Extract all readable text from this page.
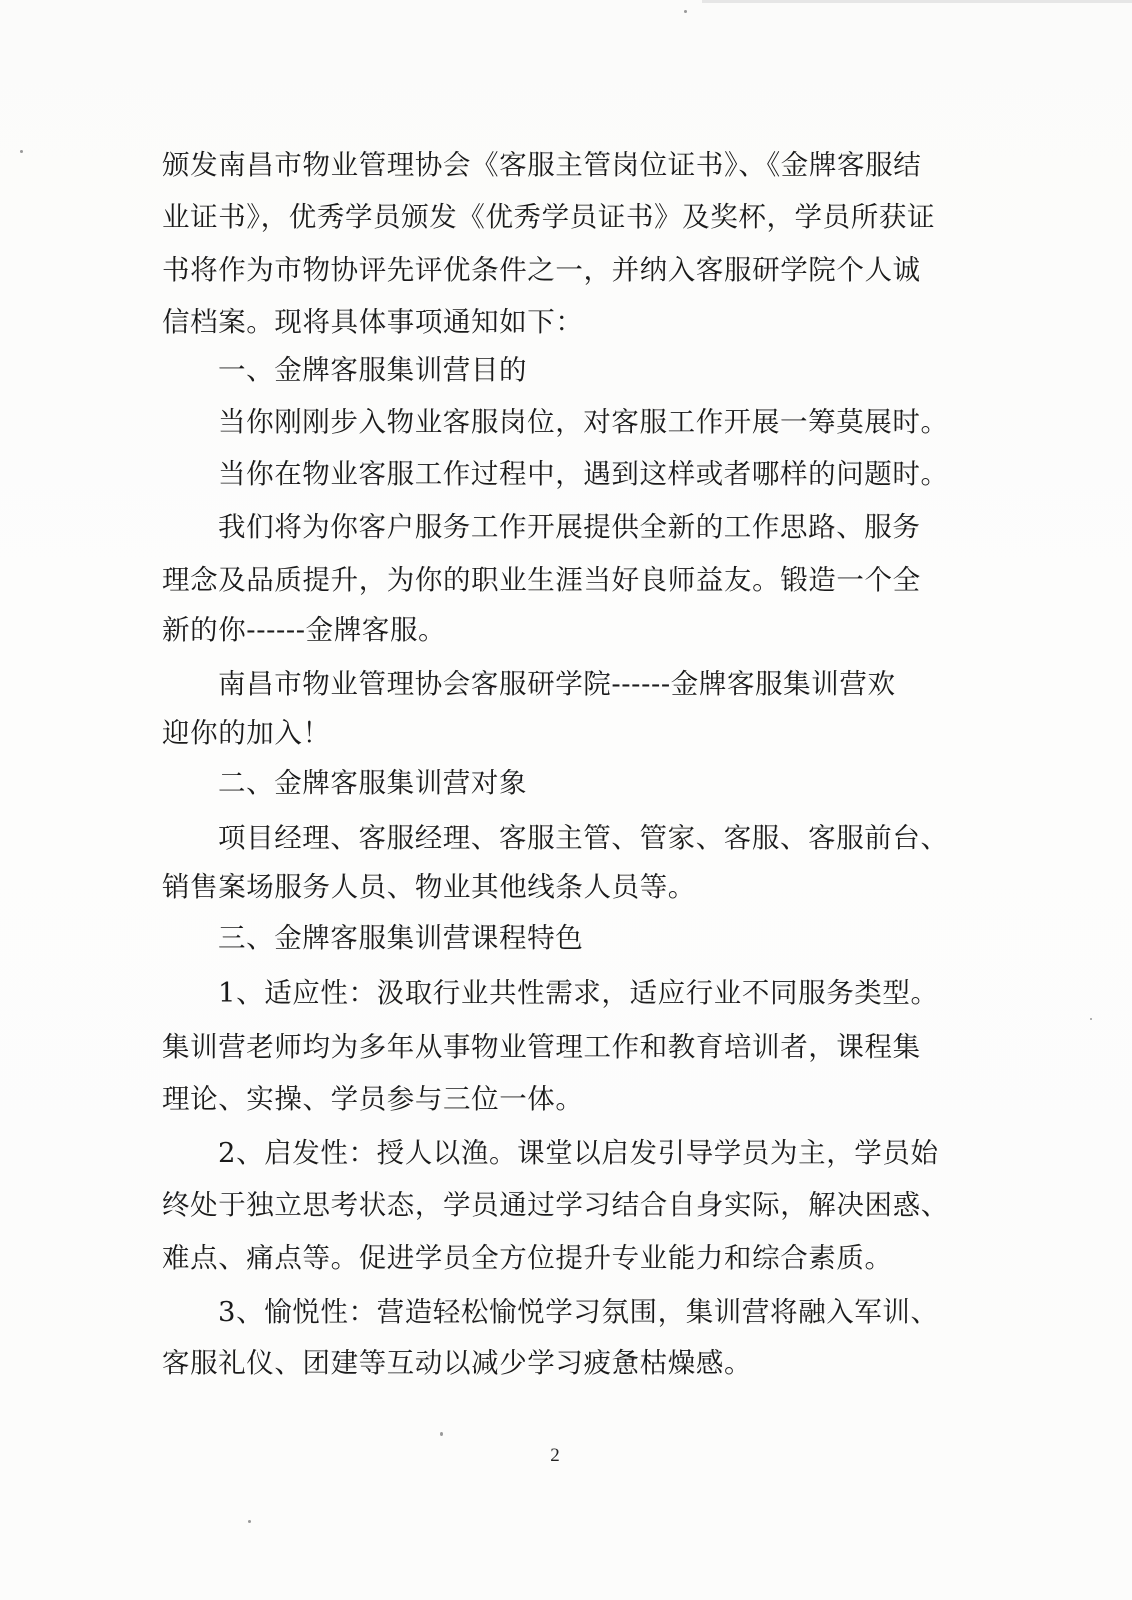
颁发南昌市物业管理协会《客服主管岗位证书》、《金牌客服结
业证书》，优秀学员颁发《优秀学员证书》及奖杯，学员所获证
书将作为市物协评先评优条件之一，并纳入客服研学院个人诚
信档案。现将具体事项通知如下：
一、金牌客服集训营目的
当你刚刚步入物业客服岗位，对客服工作开展一筹莫展时。
当你在物业客服工作过程中，遇到这样或者哪样的问题时。
我们将为你客户服务工作开展提供全新的工作思路、服务
理念及品质提升，为你的职业生涯当好良师益友。锻造一个全
新的你------金牌客服。
南昌市物业管理协会客服研学院------金牌客服集训营欢
迎你的加入！
二、金牌客服集训营对象
项目经理、客服经理、客服主管、管家、客服、客服前台、
销售案场服务人员、物业其他线条人员等。
三、金牌客服集训营课程特色
1、适应性：汲取行业共性需求，适应行业不同服务类型。
集训营老师均为多年从事物业管理工作和教育培训者，课程集
理论、实操、学员参与三位一体。
2、启发性：授人以渔。课堂以启发引导学员为主，学员始
终处于独立思考状态，学员通过学习结合自身实际，解决困惑、
难点、痛点等。促进学员全方位提升专业能力和综合素质。
3、愉悦性：营造轻松愉悦学习氛围，集训营将融入军训、
客服礼仪、团建等互动以减少学习疲惫枯燥感。
2
